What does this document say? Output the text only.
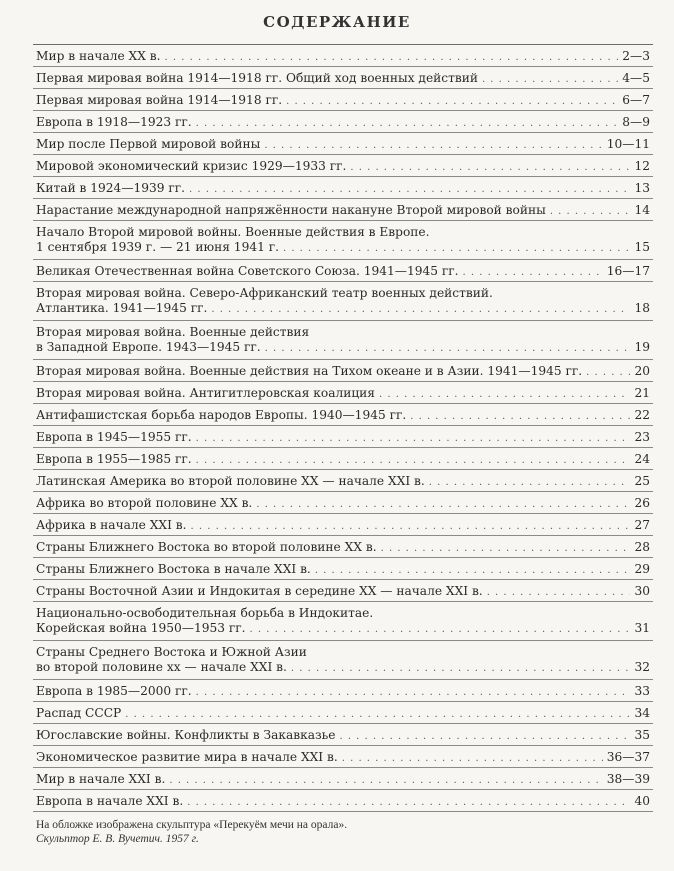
СОДЕРЖАНИЕ
Мир в начале XX в. . . .	2—3
Первая мировая война 1914—1918 гг. Общий ход военных действий . . .	4—5
Первая мировая война 1914—1918 гг. . . .	6—7
Европа в 1918—1923 гг. . . .	8—9
Мир после Первой мировой войны . . .	10—11
Мировой экономический кризис 1929—1933 гг. . . .	12
Китай в 1924—1939 гг. . . .	13
Нарастание международной напряжённости накануне Второй мировой войны . . .	14
Начало Второй мировой войны. Военные действия в Европе.
1 сентября 1939 г. — 21 июня 1941 г. . . .	15
Великая Отечественная война Советского Союза. 1941—1945 гг. . . .	16—17
Вторая мировая война. Северо-Африканский театр военных действий.
Атлантика. 1941—1945 гг. . . .	18
Вторая мировая война. Военные действия
в Западной Европе. 1943—1945 гг. . . .	19
Вторая мировая война. Военные действия на Тихом океане и в Азии. 1941—1945 гг. . . .	20
Вторая мировая война. Антигитлеровская коалиция . . .	21
Антифашистская борьба народов Европы. 1940—1945 гг. . . .	22
Европа в 1945—1955 гг. . . .	23
Европа в 1955—1985 гг. . . .	24
Латинская Америка во второй половине XX — начале XXI в. . . .	25
Африка во второй половине XX в. . . .	26
Африка в начале XXI в. . . .	27
Страны Ближнего Востока во второй половине XX в. . . .	28
Страны Ближнего Востока в начале XXI в. . . .	29
Страны Восточной Азии и Индокитая в середине XX — начале XXI в. . . .	30
Национально-освободительная борьба в Индокитае.
Корейская война 1950—1953 гг. . . .	31
Страны Среднего Востока и Южной Азии
во второй половине xx — начале XXI в. . . .	32
Европа в 1985—2000 гг. . . .	33
Распад СССР . . .	34
Югославские войны. Конфликты в Закавказье . . .	35
Экономическое развитие мира в начале XXI в. . . .	36—37
Мир в начале XXI в. . . .	38—39
Европа в начале XXI в. . . .	40
На обложке изображена скульптура «Перекуём мечи на орала».
Скульптор Е. В. Вучетич. 1957 г.
